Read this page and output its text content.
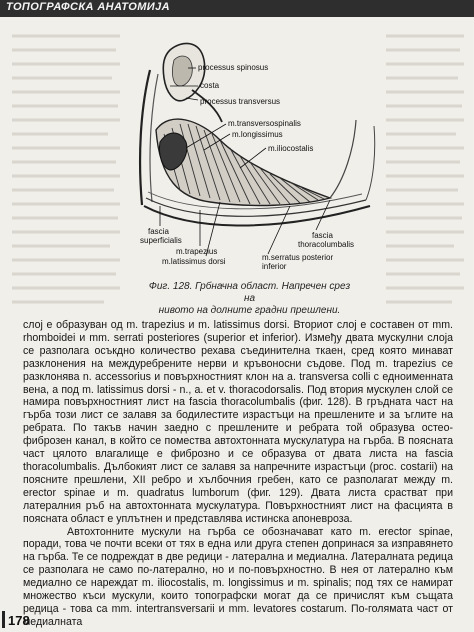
ТОПОГРАФСКА АНАТОМИЈА
processus spinosus
costa
processus transversus
m.transversospinalis
m.longissimus
m.iliocostalis
fascia
superficialis
m.trapezius
m.latissimus dorsi
fascia
thoracolumbalis
m.serratus posterior
inferior
Фиг. 128. Грбначна област. Напречен срез на
нивото на долните градни прешлени.

слој е образуван од m. trapezius и m. latissimus dorsi. Вториот слој е составен от mm. rhomboidei и mm. serrati posteriores (superior et inferior). Између двата мускулни слоја се разполага осъкдно количество рехава съединителна ткаен, сред която минават разклонения на междуребрените нерви и кръвоносни съдове. Под m. trapezius се разклонява n. accessorius и повърхностният клон на a. transversa colli с едноименната вена, а под m. latissimus dorsi - n., a. et v. thoracodorsalis. Под втория мускулен слой се намира повърхностният лист на fascia thoracolumbalis (фиг. 128). В гръдната част на гърба този лист се залавя за бодилестите израстъци на прешлените и за ъглите на ребрата. По такъв начин заедно с прешлените и ребрата той образува остео-фиброзен канал, в който се помества автохтонната мускулатура на гърба. В поясната част цялото влагалище е фиброзно и се образува от двата листа на fascia thoracolumbalis. Дълбокият лист се залавя за напречните израстъци (proc. costarii) на поясните прешлени, XII ребро и хълбочния гребен, като се разполагат между m. erector spinae и m. quadratus lumborum (фиг. 129). Двата листа срастват при латералния ръб на автохтонната мускулатура. Повърхностният лист на фасцията в поясната област е уплътнен и представлява истинска апоневроза.

Автохтонните мускули на гърба се обозначават като m. erector spinae, поради, това че почти всеки от тях в една или друга степен допринася за изправянето на гърба. Те се подреждат в две редици - латерална и медиална. Латералната редица се разполага не само по-латерално, но и по-повърхностно. В нея от латерално към медиално се нареждат m. iliocostalis, m. longissimus и m. spinalis; под тях се намират множество къси мускули, които топографски могат да се причислят към същата редица - това са mm. intertransversarii и mm. levatores costarum. По-голямата част от медиалната

178
